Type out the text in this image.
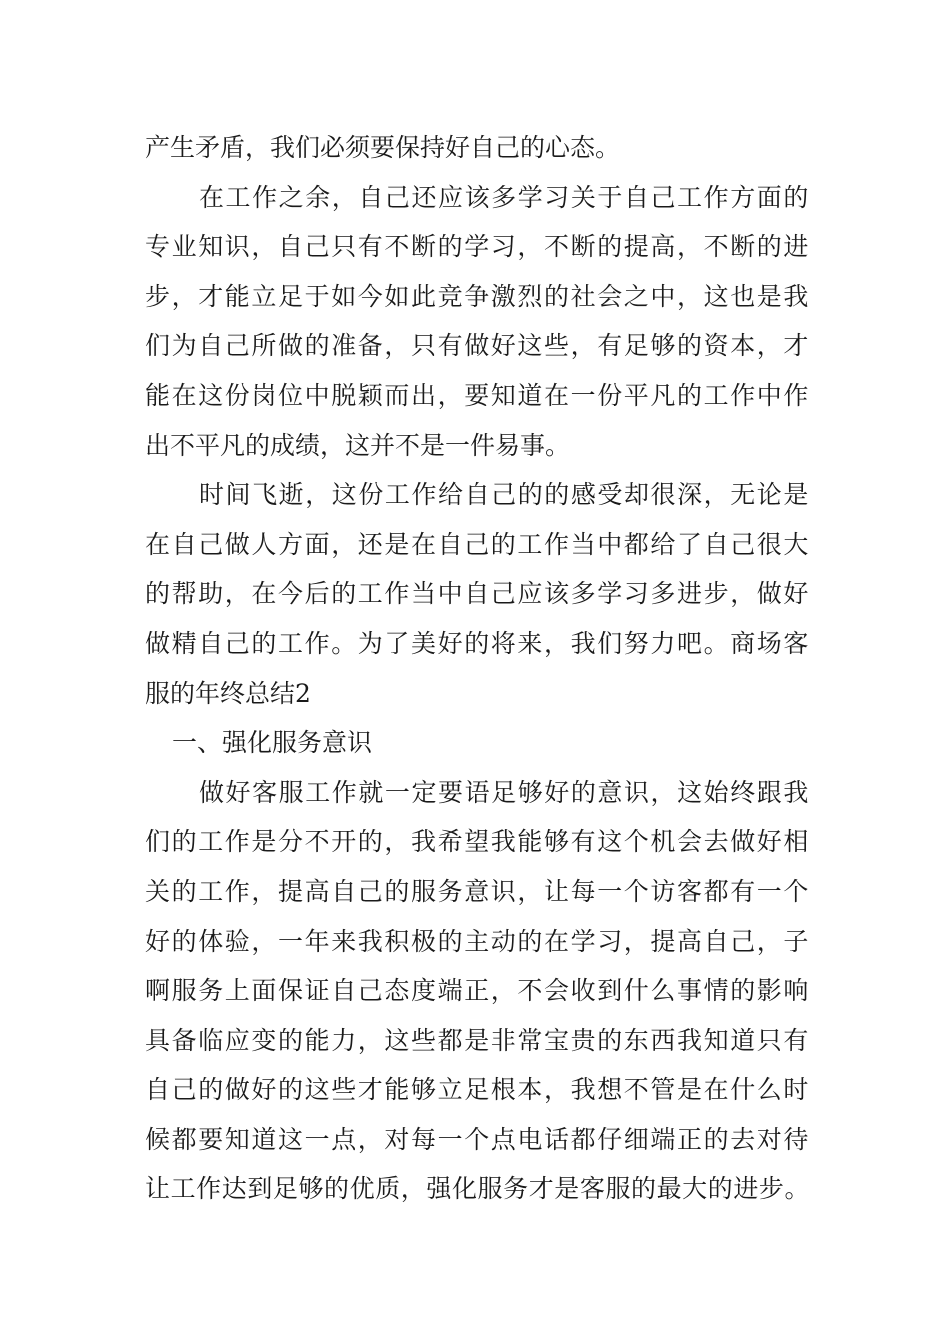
产生矛盾，我们必须要保持好自己的心态。
在工作之余，自己还应该多学习关于自己工作方面的
专业知识，自己只有不断的学习，不断的提高，不断的进
步，才能立足于如今如此竞争激烈的社会之中，这也是我
们为自己所做的准备，只有做好这些，有足够的资本，才
能在这份岗位中脱颖而出，要知道在一份平凡的工作中作
出不平凡的成绩，这并不是一件易事。
时间飞逝，这份工作给自己的的感受却很深，无论是
在自己做人方面，还是在自己的工作当中都给了自己很大
的帮助，在今后的工作当中自己应该多学习多进步，做好
做精自己的工作。为了美好的将来，我们努力吧。商场客
服的年终总结2
一、强化服务意识
做好客服工作就一定要语足够好的意识，这始终跟我
们的工作是分不开的，我希望我能够有这个机会去做好相
关的工作，提高自己的服务意识，让每一个访客都有一个
好的体验，一年来我积极的主动的在学习，提高自己，子
啊服务上面保证自己态度端正，不会收到什么事情的影响
具备临应变的能力，这些都是非常宝贵的东西我知道只有
自己的做好的这些才能够立足根本，我想不管是在什么时
候都要知道这一点，对每一个点电话都仔细端正的去对待
让工作达到足够的优质，强化服务才是客服的最大的进步。
